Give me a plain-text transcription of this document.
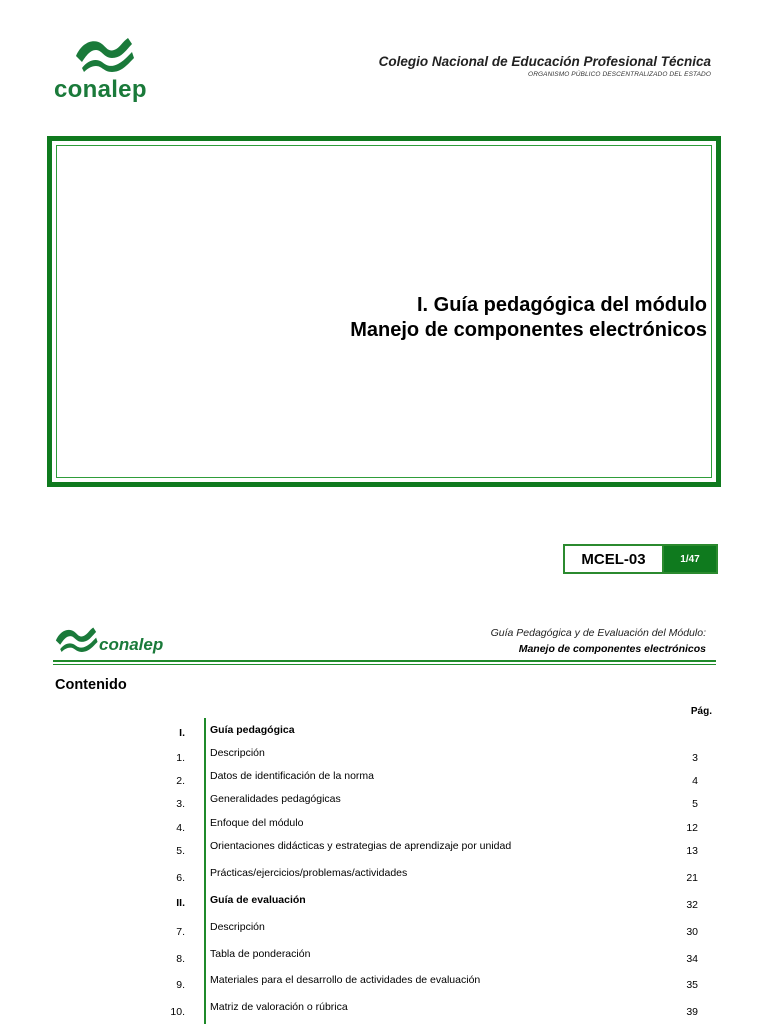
conalep
Colegio Nacional de Educación Profesional Técnica
ORGANISMO PÚBLICO DESCENTRALIZADO DEL ESTADO
I. Guía pedagógica del módulo
Manejo de componentes electrónicos
MCEL-03	1/47
conalep
Guía Pedagógica y de Evaluación del Módulo:
Manejo de componentes electrónicos
Contenido
Pág.
I. Guía pedagógica
1. Descripción	3
2. Datos de identificación de la norma	4
3. Generalidades pedagógicas	5
4. Enfoque del módulo	12
5. Orientaciones didácticas y estrategias de aprendizaje por unidad	13
6. Prácticas/ejercicios/problemas/actividades	21
II. Guía de evaluación	32
7. Descripción	30
8. Tabla de ponderación	34
9. Materiales para el desarrollo de actividades de evaluación	35
10. Matriz de valoración o rúbrica	39
